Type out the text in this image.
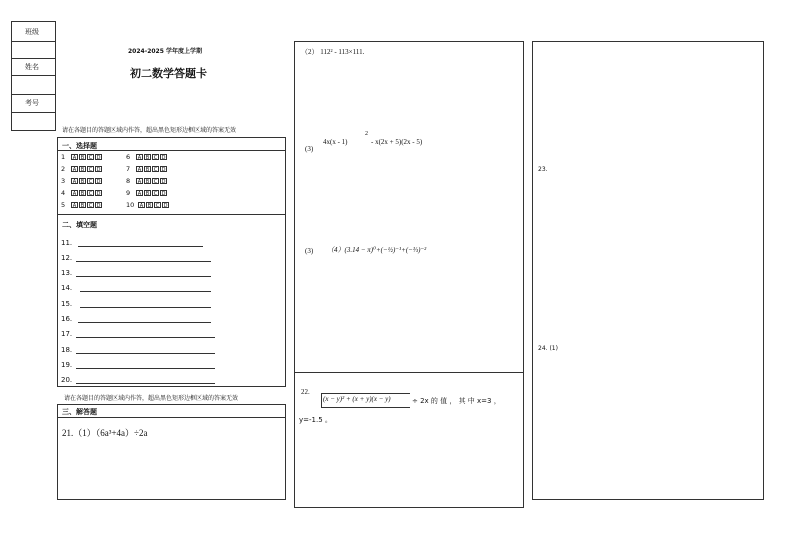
班级
姓名
考号
2024-2025 学年度上学期
初二数学答题卡
请在各题目的答题区域内作答，超出黑色矩形边框区域的答案无效
一、选择题
1 A B C D
2 A B C D
3 A B C D
4 A B C D
5 A B C D
6 A B C D
7 A B C D
8 A B C D
9 A B C D
10 A B C D
二、填空题
11.
12.
13.
14.
15.
16.
17.
18.
19.
20.
请在各题目的答题区域内作答，超出黑色矩形边框区域的答案无效
三、解答题
21.（1）（6a³+4a）÷2a
（2） 112² - 113×111.
(3)
4x(x - 1)
2
- x(2x + 5)(2x - 5)
(3) （4）(3.14 − π)⁰+(−½)⁻¹+(−⅓)⁻²
22.
(x − y)² + (x + y)(x − y)	÷ 2x 的 值 ， 其 中 x=3 ，
y=-1.5 。
23.
24. (1)
